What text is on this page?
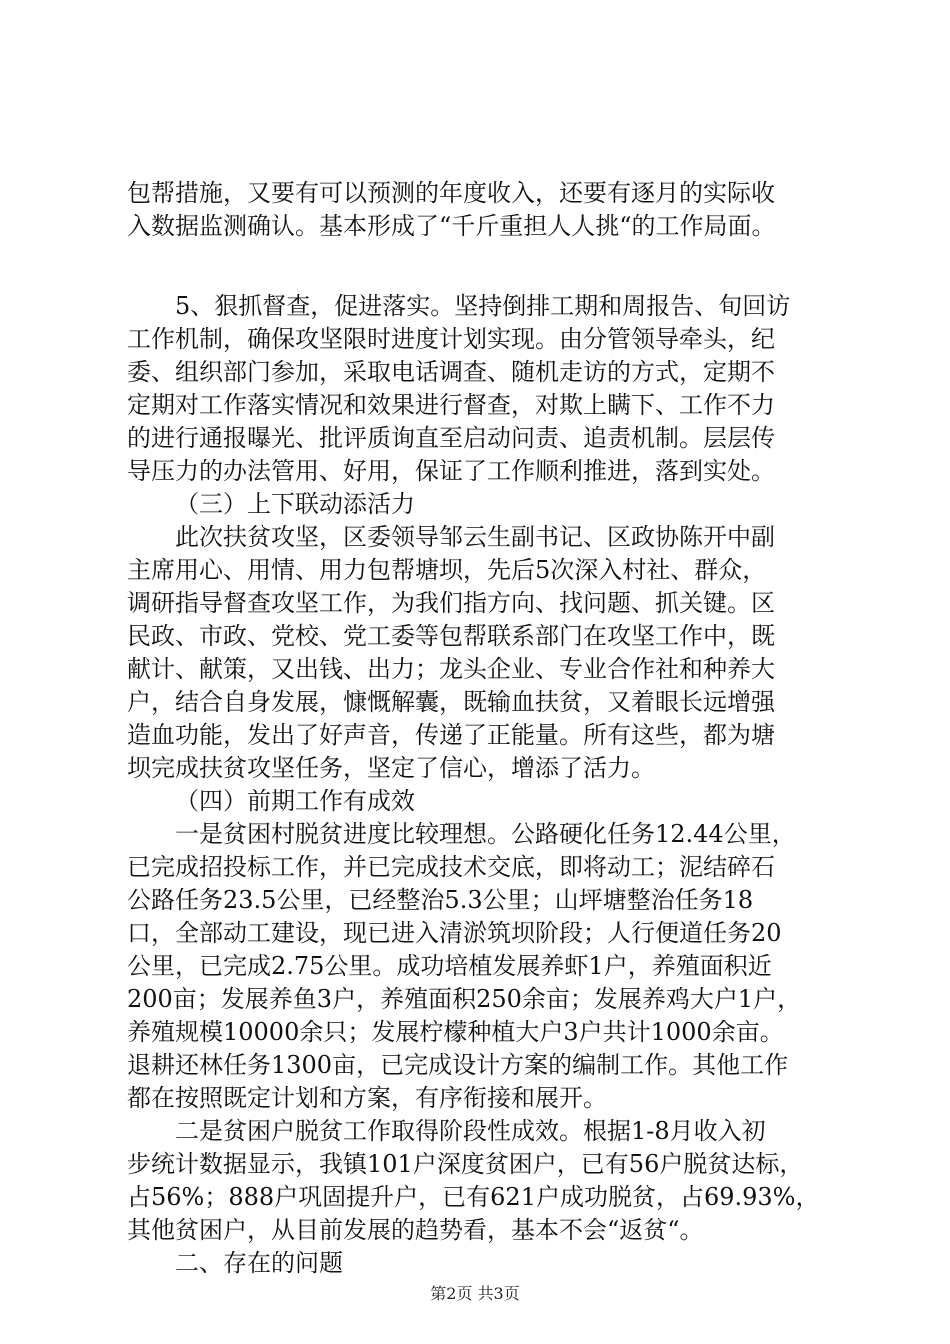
包帮措施，又要有可以预测的年度收入，还要有逐月的实际收
入数据监测确认。基本形成了“千斤重担人人挑“的工作局面。
5、狠抓督查，促进落实。坚持倒排工期和周报告、旬回访
工作机制，确保攻坚限时进度计划实现。由分管领导牵头，纪
委、组织部门参加，采取电话调查、随机走访的方式，定期不
定期对工作落实情况和效果进行督查，对欺上瞒下、工作不力
的进行通报曝光、批评质询直至启动问责、追责机制。层层传
导压力的办法管用、好用，保证了工作顺利推进，落到实处。
（三）上下联动添活力
此次扶贫攻坚，区委领导邹云生副书记、区政协陈开中副
主席用心、用情、用力包帮塘坝，先后5次深入村社、群众，
调研指导督查攻坚工作，为我们指方向、找问题、抓关键。区
民政、市政、党校、党工委等包帮联系部门在攻坚工作中，既
献计、献策，又出钱、出力；龙头企业、专业合作社和种养大
户，结合自身发展，慷慨解囊，既输血扶贫，又着眼长远增强
造血功能，发出了好声音，传递了正能量。所有这些，都为塘
坝完成扶贫攻坚任务，坚定了信心，增添了活力。
（四）前期工作有成效
一是贫困村脱贫进度比较理想。公路硬化任务12.44公里，
已完成招投标工作，并已完成技术交底，即将动工；泥结碎石
公路任务23.5公里，已经整治5.3公里；山坪塘整治任务18
口，全部动工建设，现已进入清淤筑坝阶段；人行便道任务20
公里，已完成2.75公里。成功培植发展养虾1户，养殖面积近
200亩；发展养鱼3户，养殖面积250余亩；发展养鸡大户1户，
养殖规模10000余只；发展柠檬种植大户3户共计1000余亩。
退耕还林任务1300亩，已完成设计方案的编制工作。其他工作
都在按照既定计划和方案，有序衔接和展开。
二是贫困户脱贫工作取得阶段性成效。根据1-8月收入初
步统计数据显示，我镇101户深度贫困户，已有56户脱贫达标，
占56%；888户巩固提升户，已有621户成功脱贫，占69.93%，
其他贫困户，从目前发展的趋势看，基本不会“返贫“。
二、存在的问题
第2页 共3页
